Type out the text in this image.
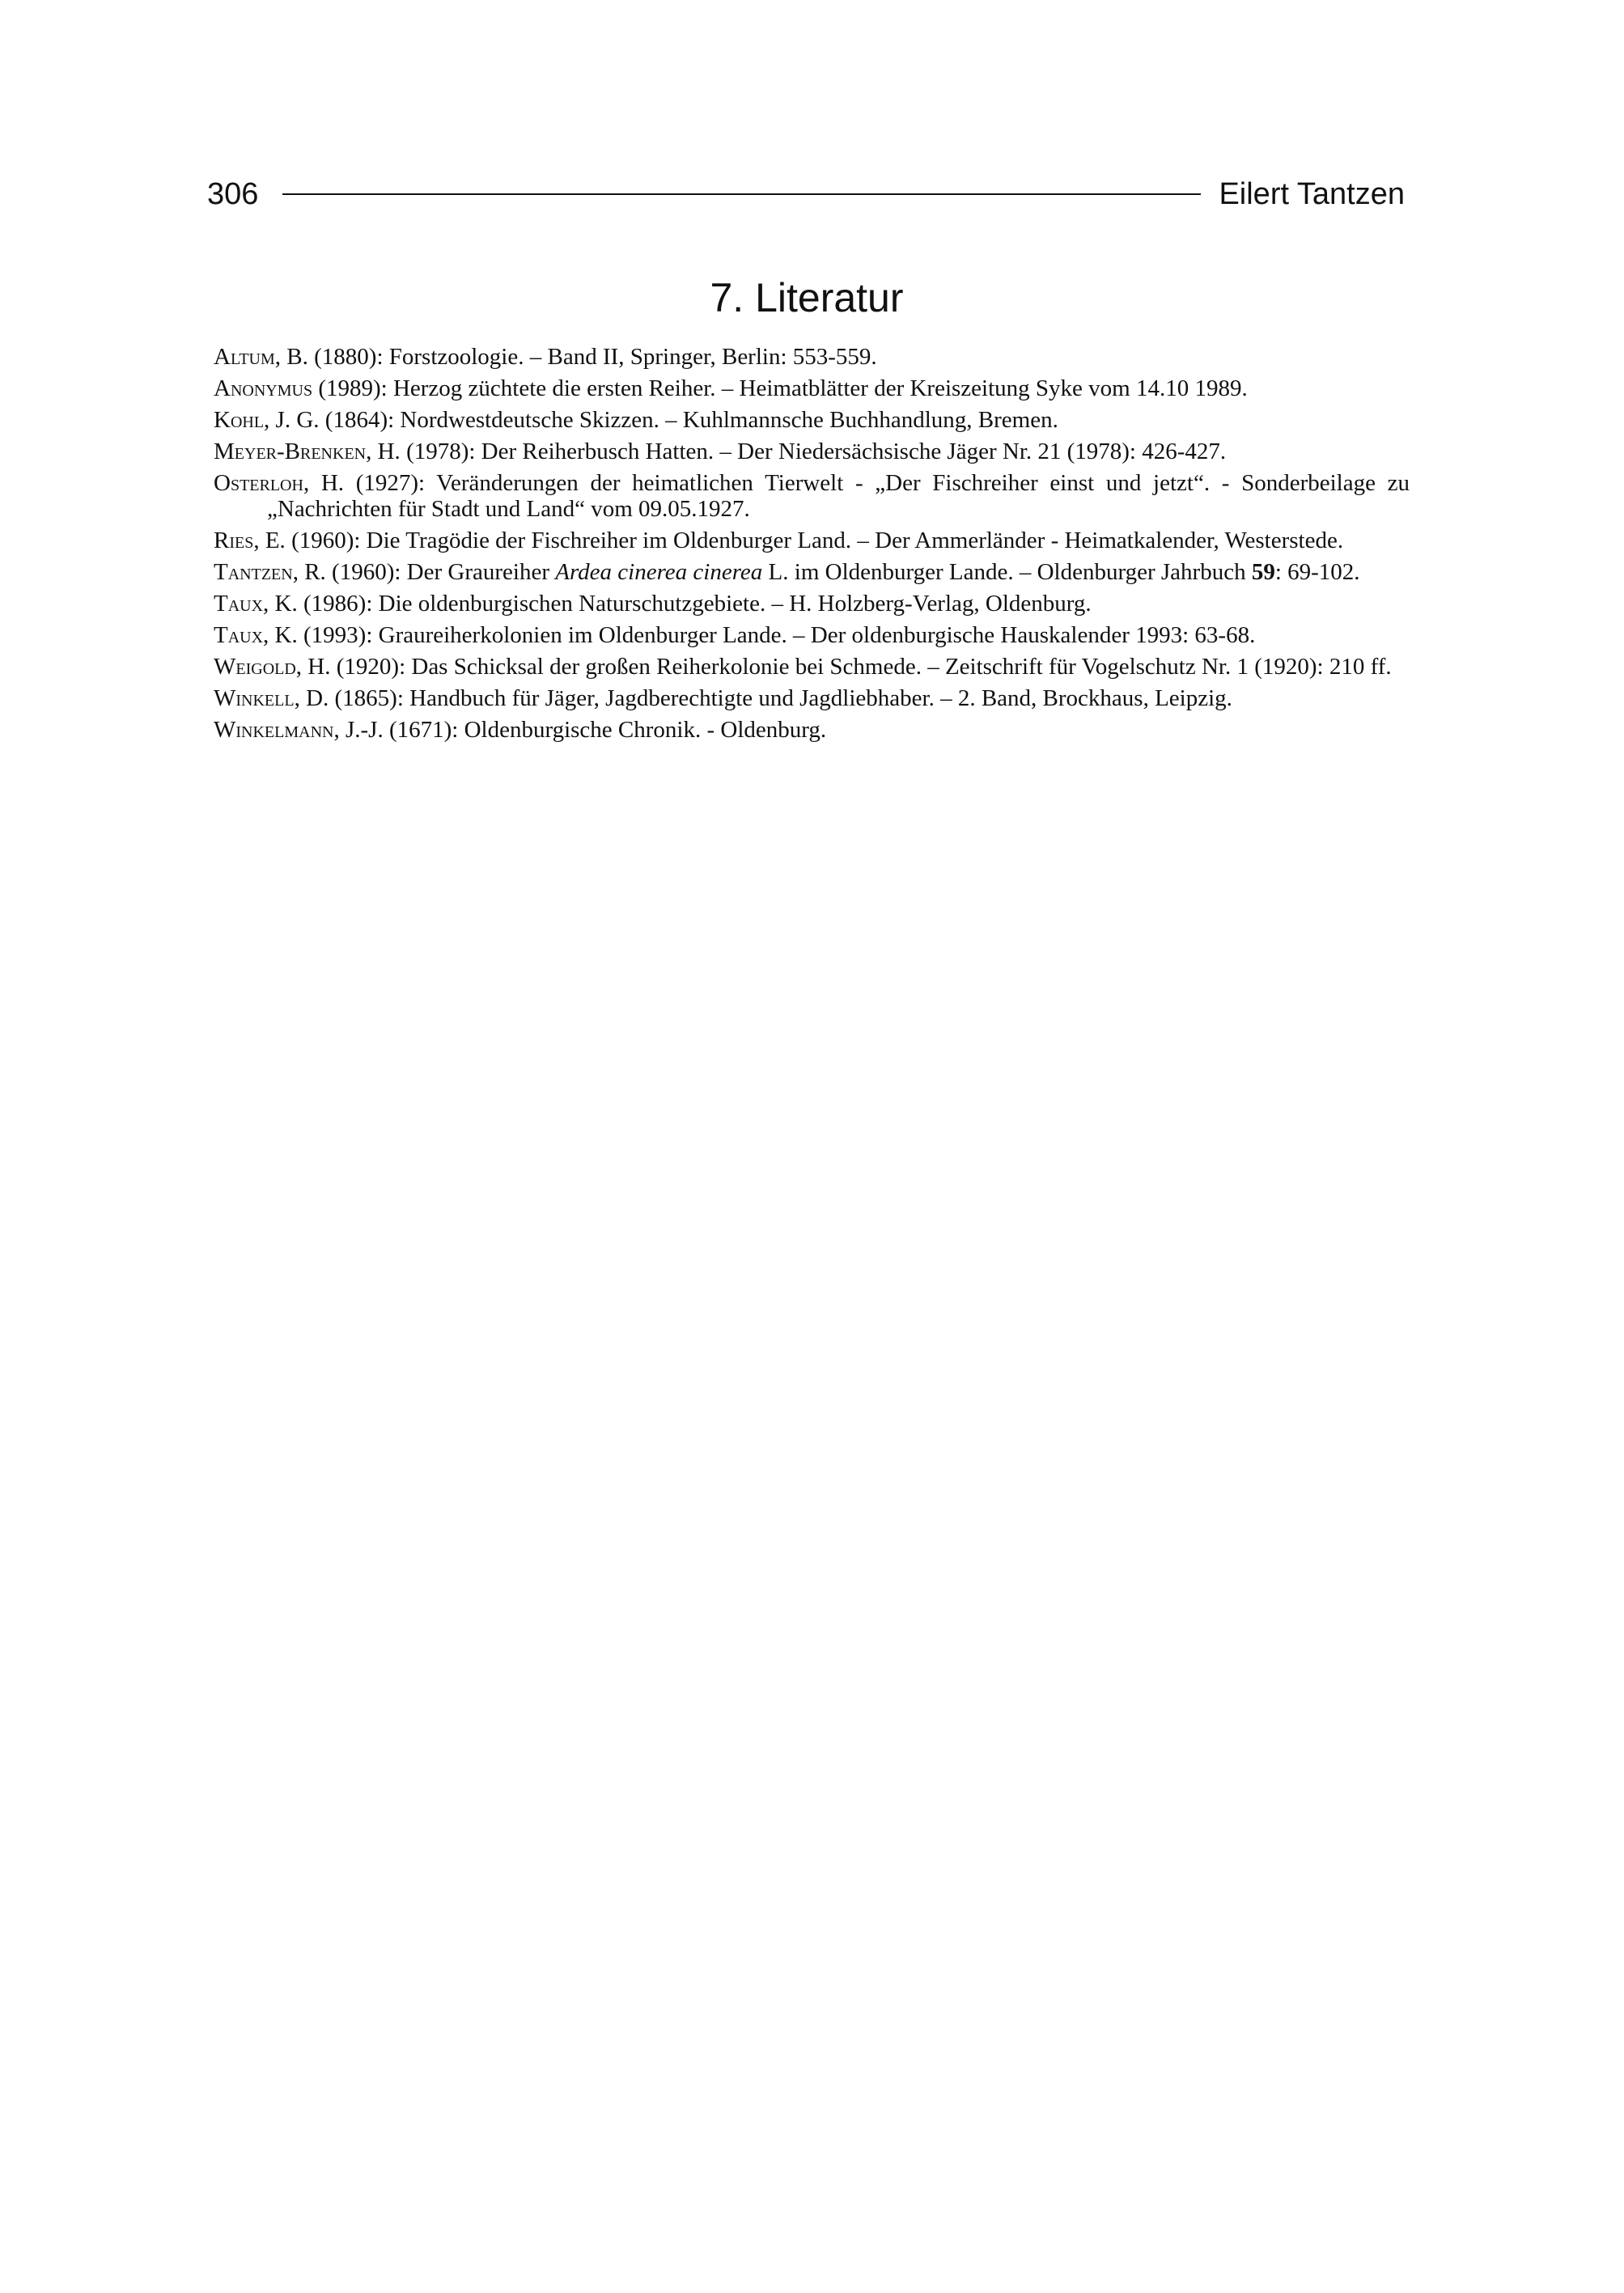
306	Eilert Tantzen
7. Literatur
Altum, B. (1880): Forstzoologie. – Band II, Springer, Berlin: 553-559.
Anonymus (1989): Herzog züchtete die ersten Reiher. – Heimatblätter der Kreiszeitung Syke vom 14.10 1989.
Kohl, J. G. (1864): Nordwestdeutsche Skizzen. – Kuhlmannsche Buchhandlung, Bremen.
Meyer-Brenken, H. (1978): Der Reiherbusch Hatten. – Der Niedersächsische Jäger Nr. 21 (1978): 426-427.
Osterloh, H. (1927): Veränderungen der heimatlichen Tierwelt - „Der Fischreiher einst und jetzt“. - Sonderbeilage zu „Nachrichten für Stadt und Land“ vom 09.05.1927.
Ries, E. (1960): Die Tragödie der Fischreiher im Oldenburger Land. – Der Ammerländer - Heimatkalender, Westerstede.
Tantzen, R. (1960): Der Graureiher Ardea cinerea cinerea L. im Oldenburger Lande. – Oldenburger Jahrbuch 59: 69-102.
Taux, K. (1986): Die oldenburgischen Naturschutzgebiete. – H. Holzberg-Verlag, Oldenburg.
Taux, K. (1993): Graureiherkolonien im Oldenburger Lande. – Der oldenburgische Hauskalender 1993: 63-68.
Weigold, H. (1920): Das Schicksal der großen Reiherkolonie bei Schmede. – Zeitschrift für Vogelschutz Nr. 1 (1920): 210 ff.
Winkell, D. (1865): Handbuch für Jäger, Jagdberechtigte und Jagdliebhaber. – 2. Band, Brockhaus, Leipzig.
Winkelmann, J.-J. (1671): Oldenburgische Chronik. - Oldenburg.
